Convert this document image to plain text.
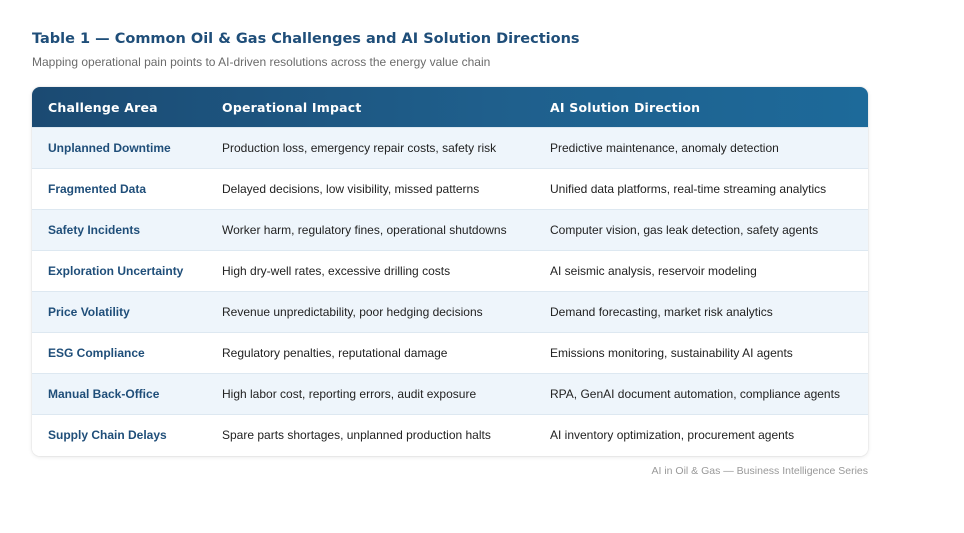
Table 1 — Common Oil & Gas Challenges and AI Solution Directions

Mapping operational pain points to AI-driven resolutions across the energy value chain

Challenge Area	Operational Impact	AI Solution Direction
Unplanned Downtime	Production loss, emergency repair costs, safety risk	Predictive maintenance, anomaly detection
Fragmented Data	Delayed decisions, low visibility, missed patterns	Unified data platforms, real-time streaming analytics
Safety Incidents	Worker harm, regulatory fines, operational shutdowns	Computer vision, gas leak detection, safety agents
Exploration Uncertainty	High dry-well rates, excessive drilling costs	AI seismic analysis, reservoir modeling
Price Volatility	Revenue unpredictability, poor hedging decisions	Demand forecasting, market risk analytics
ESG Compliance	Regulatory penalties, reputational damage	Emissions monitoring, sustainability AI agents
Manual Back-Office	High labor cost, reporting errors, audit exposure	RPA, GenAI document automation, compliance agents
Supply Chain Delays	Spare parts shortages, unplanned production halts	AI inventory optimization, procurement agents
AI in Oil & Gas — Business Intelligence Series
